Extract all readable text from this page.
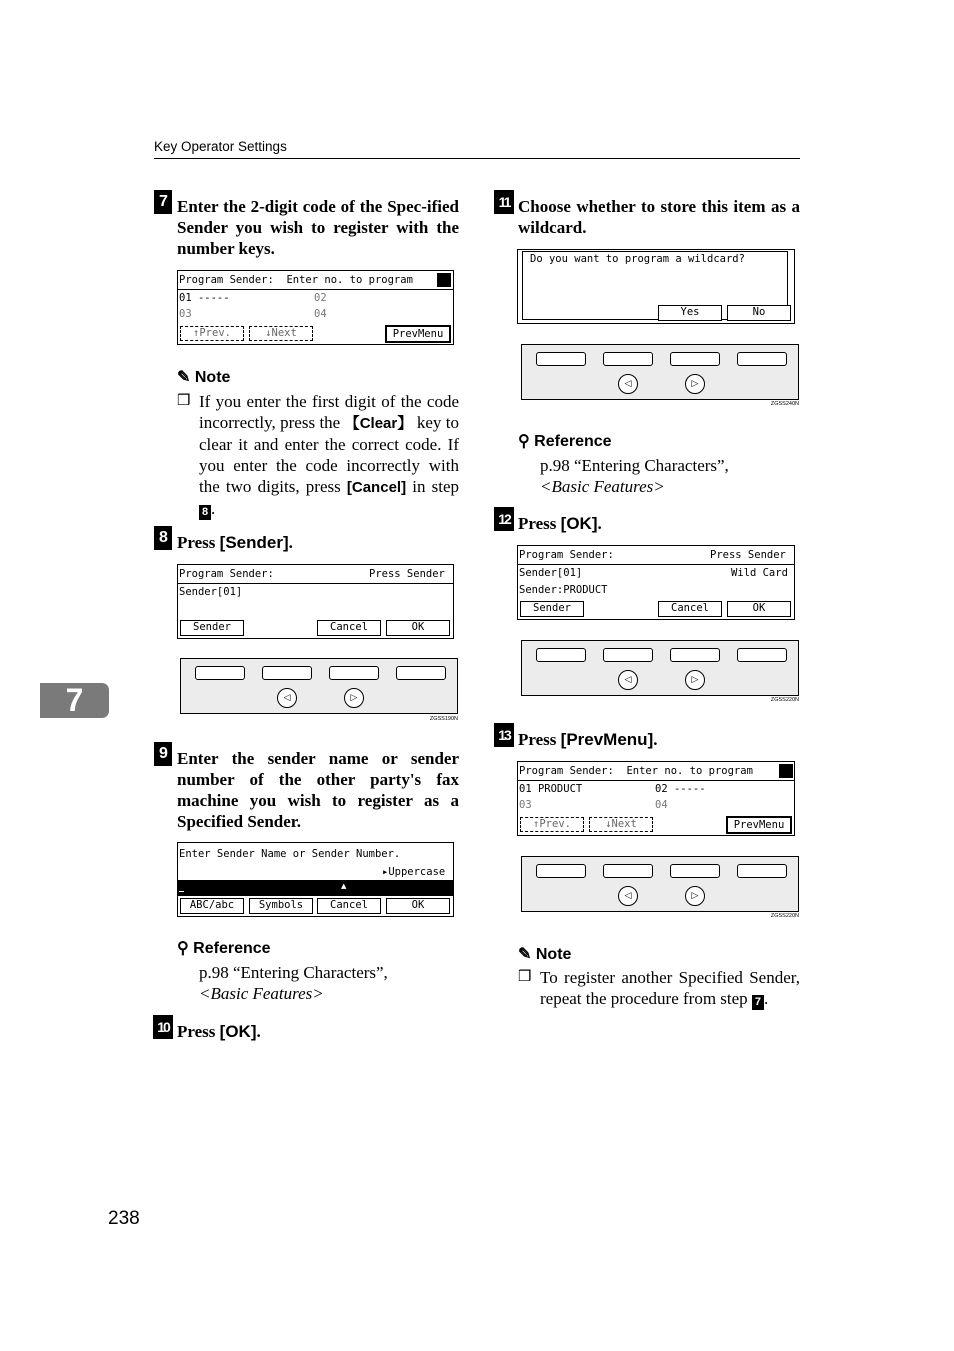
Key Operator Settings
7
7 Enter the 2-digit code of the Spec-ified Sender you wish to register with the number keys.
Program Sender:  Enter no. to program
01 -----	02
03	04
↑Prev.	↓Next	PrevMenu
✎ Note
❒ If you enter the first digit of the code incorrectly, press the 【Clear】 key to clear it and enter the correct code. If you enter the code incorrectly with the two digits, press [Cancel] in step 8 .
8 Press [Sender].
Program Sender:	Press Sender
Sender[01]
Sender	Cancel	OK
◁	▷
ZGSS190N
9 Enter the sender name or sender number of the other party's fax machine you wish to register as a Specified Sender.
Enter Sender Name or Sender Number.
▸Uppercase
▲
ABC/abc	Symbols	Cancel	OK
⚲ Reference
p.98 “Entering Characters”,
<Basic Features>
10 Press [OK].
11 Choose whether to store this item as a wildcard.
Do you want to program a wildcard?
Yes	No
◁	▷
ZGSS240N
⚲ Reference
p.98 “Entering Characters”,
<Basic Features>
12 Press [OK].
Program Sender:	Press Sender
Sender[01]	Wild Card
Sender:PRODUCT
Sender	Cancel	OK
◁	▷
ZGSS220N
13 Press [PrevMenu].
Program Sender:  Enter no. to program
01 PRODUCT	02 -----
03	04
↑Prev.	↓Next	PrevMenu
◁	▷
ZGSS220N
✎ Note
❒ To register another Specified Sender, repeat the procedure from step 7 .
238
